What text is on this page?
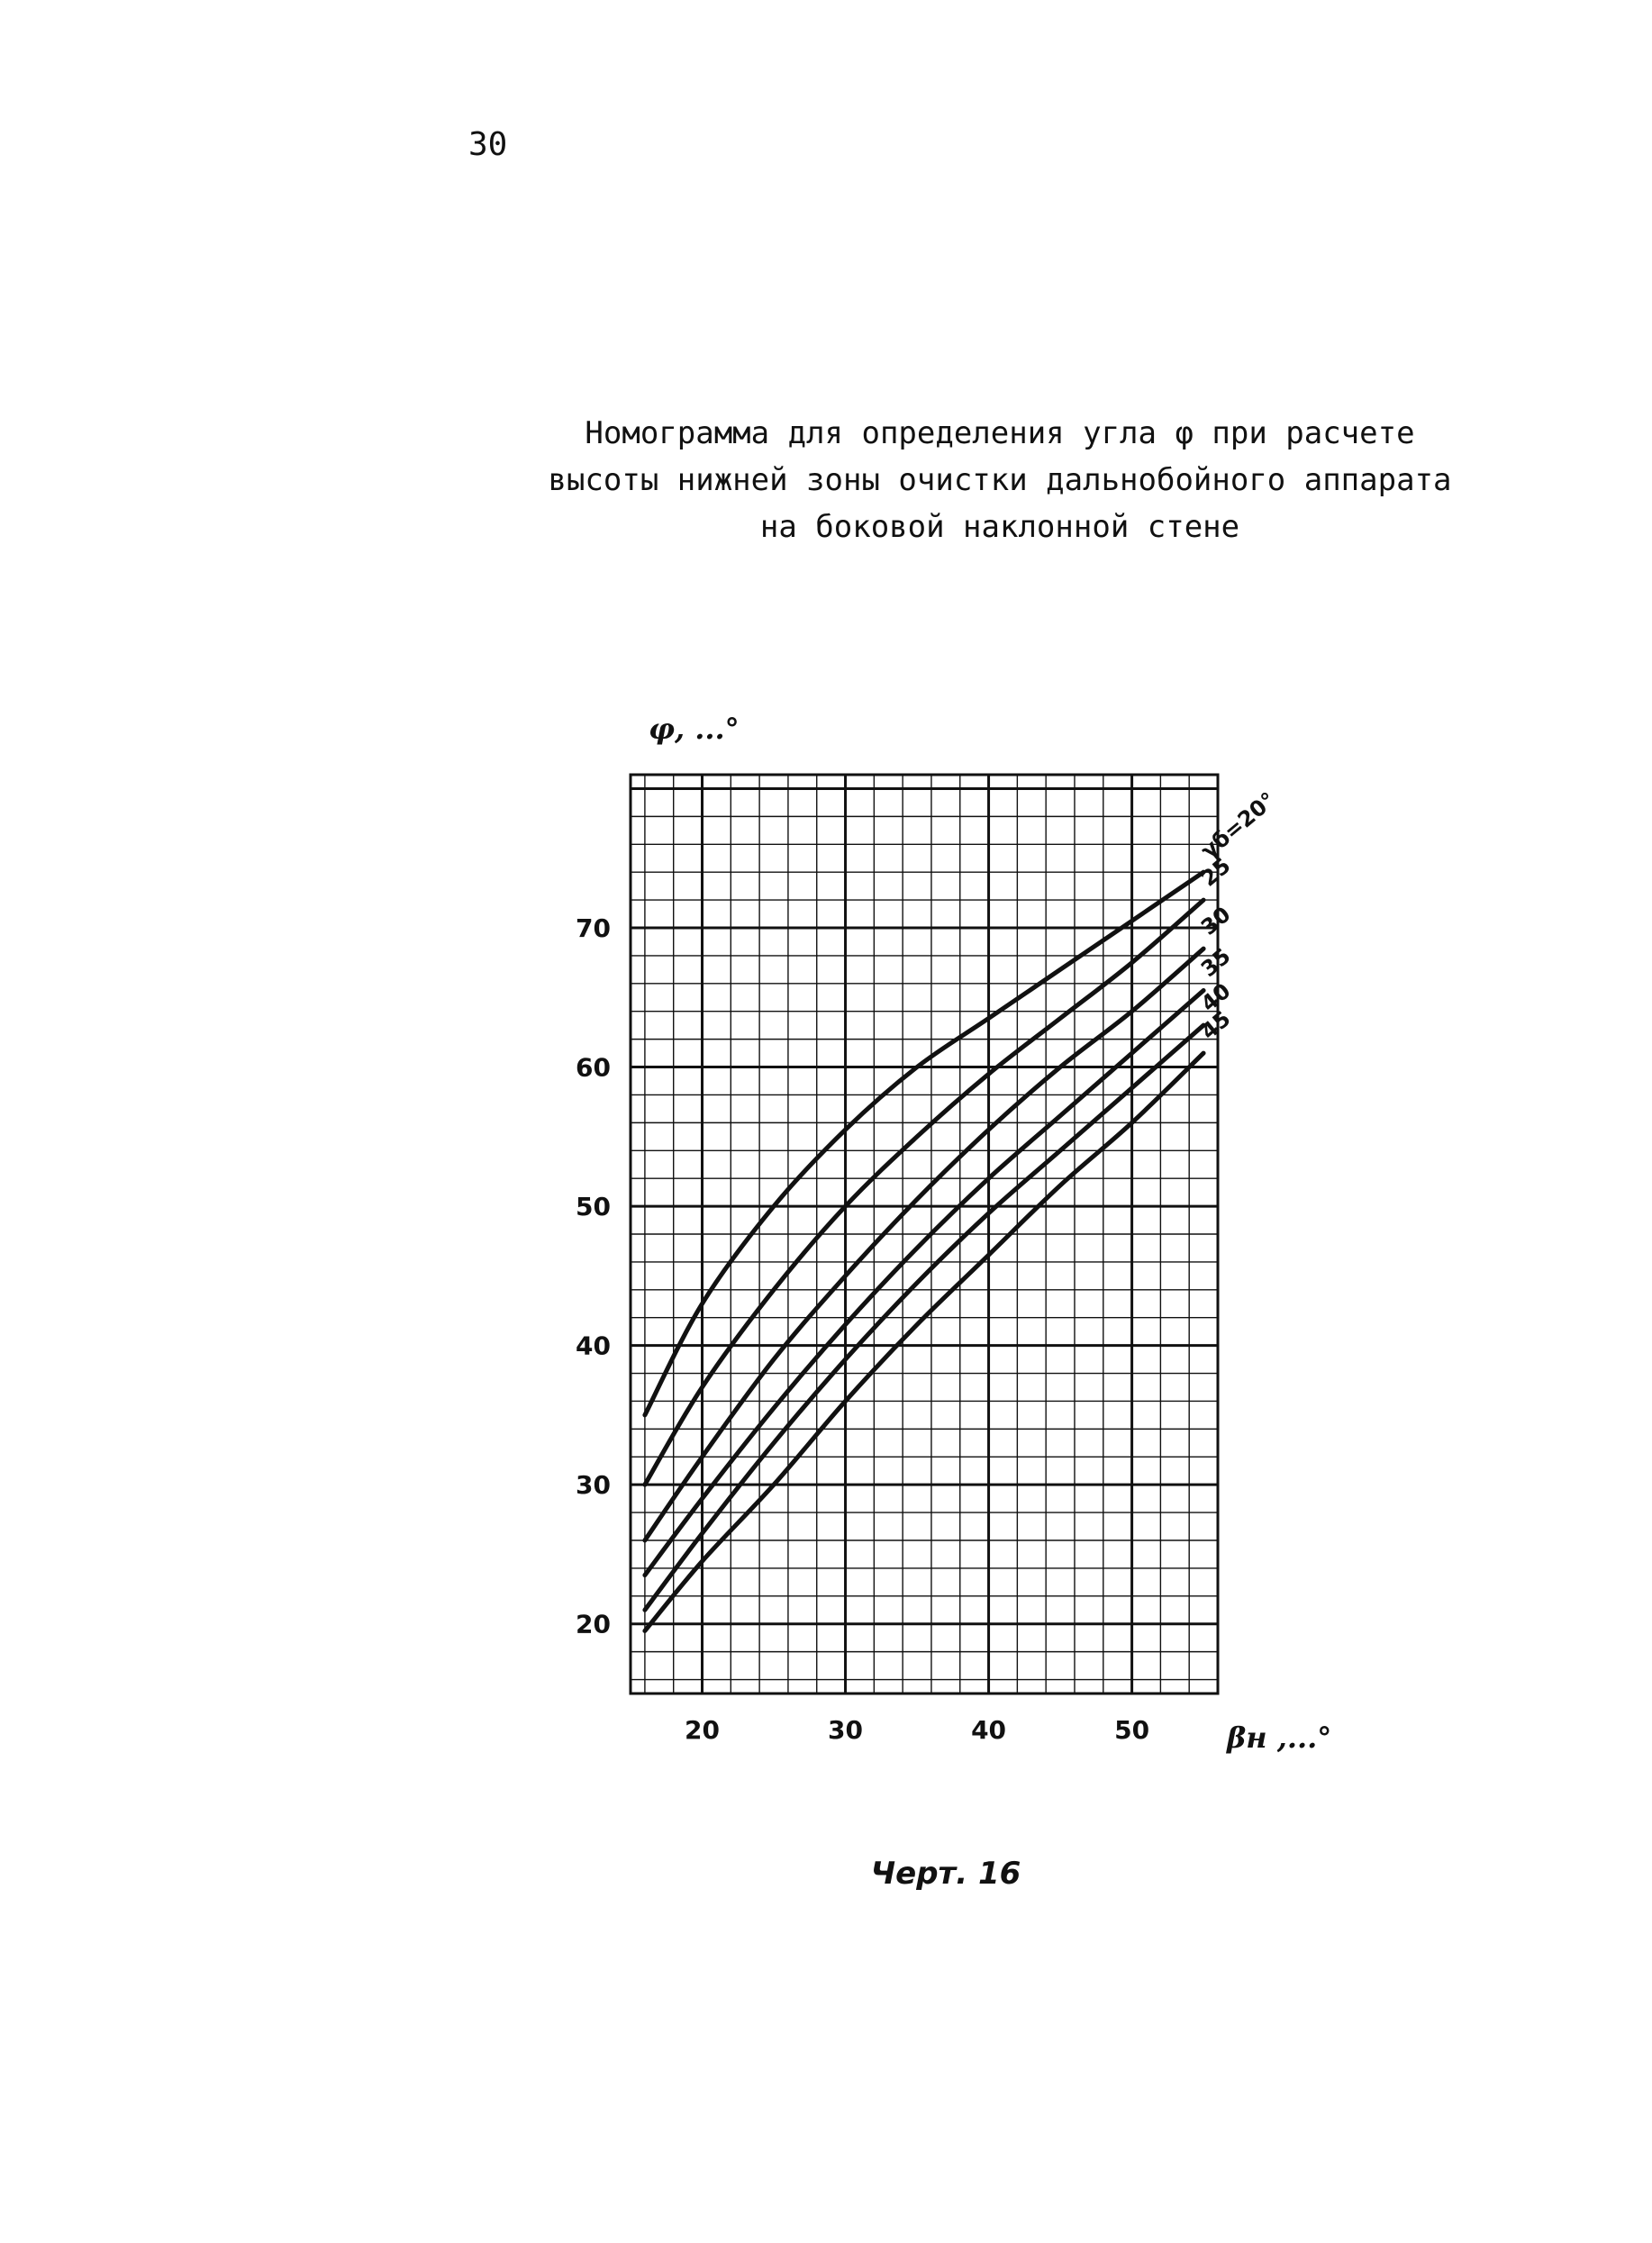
30
Номограмма для определения угла φ при расчете
высоты нижней зоны очистки дальнобойного аппарата
на боковой наклонной стене
20	30	40	50
20
30
40
50
60
70
φ, ...°
βн ,...°
γб=20°
25
30
35
40
45
Черт. 16
